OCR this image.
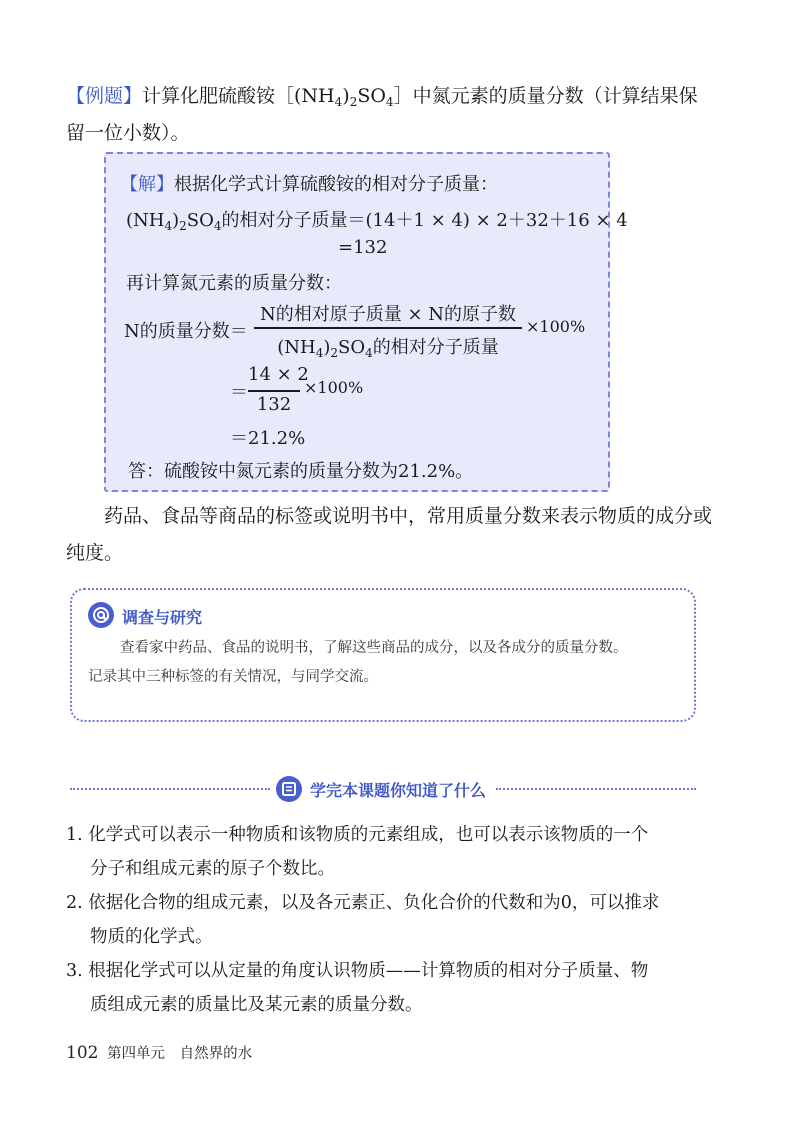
【例题】计算化肥硫酸铵$[(NH_4)_2SO_4]$中氮元素的质量分数（计算结果保
留一位小数）。
【解】根据化学式计算硫酸铵的相对分子质量：
$(NH_4)_2SO_4$的相对分子质量＝(14＋1 × 4) × 2＋32＋16 × 4
=132
再计算氮元素的质量分数：
N的质量分数＝
N的相对原子质量 × N的原子数
$(NH_4)_2SO_4$的相对分子质量
×100%
＝
14 × 2
132
×100%
＝21.2%
答：硫酸铵中氮元素的质量分数为21.2%。
药品、食品等商品的标签或说明书中，常用质量分数来表示物质的成分或
纯度。
调查与研究
查看家中药品、食品的说明书，了解这些商品的成分，以及各成分的质量分数。
记录其中三种标签的有关情况，与同学交流。
学完本课题你知道了什么
1. 化学式可以表示一种物质和该物质的元素组成，也可以表示该物质的一个
分子和组成元素的原子个数比。
2. 依据化合物的组成元素，以及各元素正、负化合价的代数和为0，可以推求
物质的化学式。
3. 根据化学式可以从定量的角度认识物质——计算物质的相对分子质量、物
质组成元素的质量比及某元素的质量分数。
102 第四单元 自然界的水
